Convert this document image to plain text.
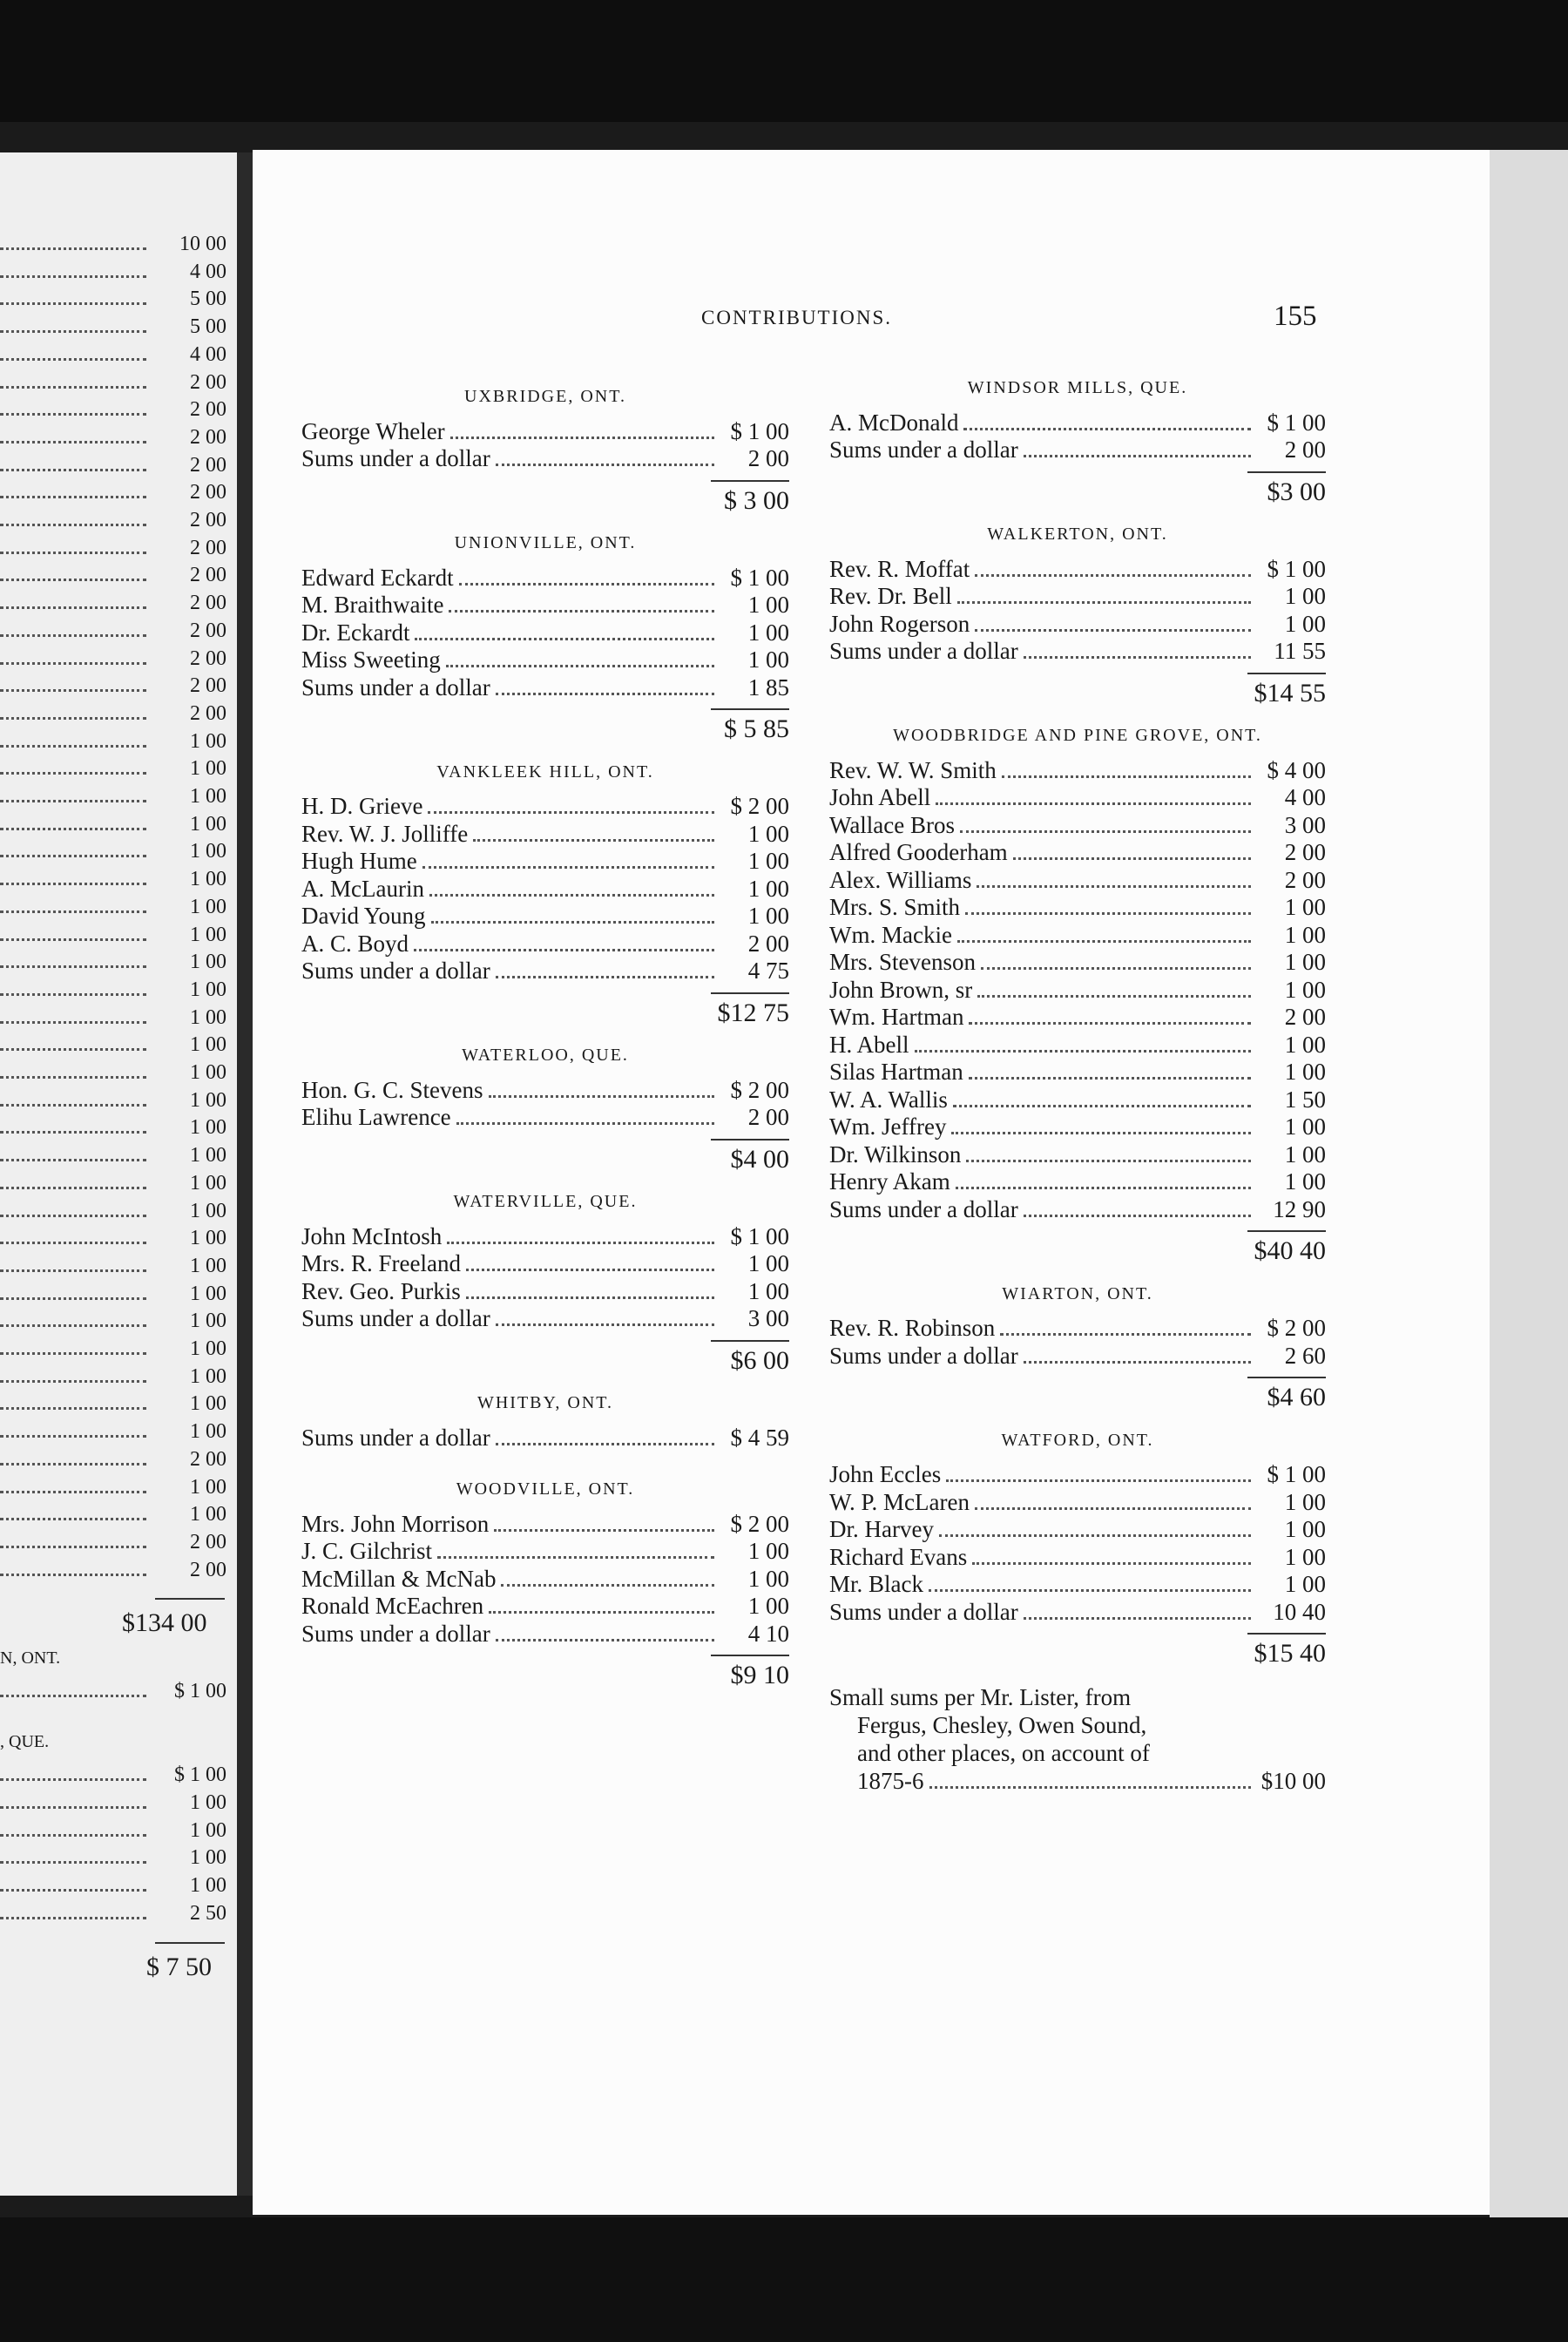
10 00
4 00
5 00
5 00
4 00
2 00
2 00
2 00
2 00
2 00
2 00
2 00
2 00
2 00
2 00
2 00
2 00
2 00
1 00
1 00
1 00
1 00
1 00
1 00
1 00
1 00
1 00
1 00
1 00
1 00
1 00
1 00
1 00
1 00
1 00
1 00
1 00
1 00
1 00
1 00
1 00
1 00
1 00
1 00
2 00
1 00
1 00
2 00
2 00
$134 00
N, ONT.
$ 1 00
, QUE.
$ 1 00
1 00
1 00
1 00
1 00
2 50
$ 7 50
CONTRIBUTIONS.	155
UXBRIDGE, ONT.
George Wheler	$ 1 00
Sums under a dollar	2 00
$ 3 00
UNIONVILLE, ONT.
Edward Eckardt	$ 1 00
M. Braithwaite	1 00
Dr. Eckardt	1 00
Miss Sweeting	1 00
Sums under a dollar	1 85
$ 5 85
VANKLEEK HILL, ONT.
H. D. Grieve	$ 2 00
Rev. W. J. Jolliffe	1 00
Hugh Hume	1 00
A. McLaurin	1 00
David Young	1 00
A. C. Boyd	2 00
Sums under a dollar	4 75
$12 75
WATERLOO, QUE.
Hon. G. C. Stevens	$ 2 00
Elihu Lawrence	2 00
$4 00
WATERVILLE, QUE.
John McIntosh	$ 1 00
Mrs. R. Freeland	1 00
Rev. Geo. Purkis	1 00
Sums under a dollar	3 00
$6 00
WHITBY, ONT.
Sums under a dollar	$ 4 59
WOODVILLE, ONT.
Mrs. John Morrison	$ 2 00
J. C. Gilchrist	1 00
McMillan & McNab	1 00
Ronald McEachren	1 00
Sums under a dollar	4 10
$9 10
WINDSOR MILLS, QUE.
A. McDonald	$ 1 00
Sums under a dollar	2 00
$3 00
WALKERTON, ONT.
Rev. R. Moffat	$ 1 00
Rev. Dr. Bell	1 00
John Rogerson	1 00
Sums under a dollar	11 55
$14 55
WOODBRIDGE AND PINE GROVE, ONT.
Rev. W. W. Smith	$ 4 00
John Abell	4 00
Wallace Bros	3 00
Alfred Gooderham	2 00
Alex. Williams	2 00
Mrs. S. Smith	1 00
Wm. Mackie	1 00
Mrs. Stevenson	1 00
John Brown, sr	1 00
Wm. Hartman	2 00
H. Abell	1 00
Silas Hartman	1 00
W. A. Wallis	1 50
Wm. Jeffrey	1 00
Dr. Wilkinson	1 00
Henry Akam	1 00
Sums under a dollar	12 90
$40 40
WIARTON, ONT.
Rev. R. Robinson	$ 2 00
Sums under a dollar	2 60
$4 60
WATFORD, ONT.
John Eccles	$ 1 00
W. P. McLaren	1 00
Dr. Harvey	1 00
Richard Evans	1 00
Mr. Black	1 00
Sums under a dollar	10 40
$15 40
Small sums per Mr. Lister, from
Fergus, Chesley, Owen Sound,
and other places, on account of
1875-6	$10 00
